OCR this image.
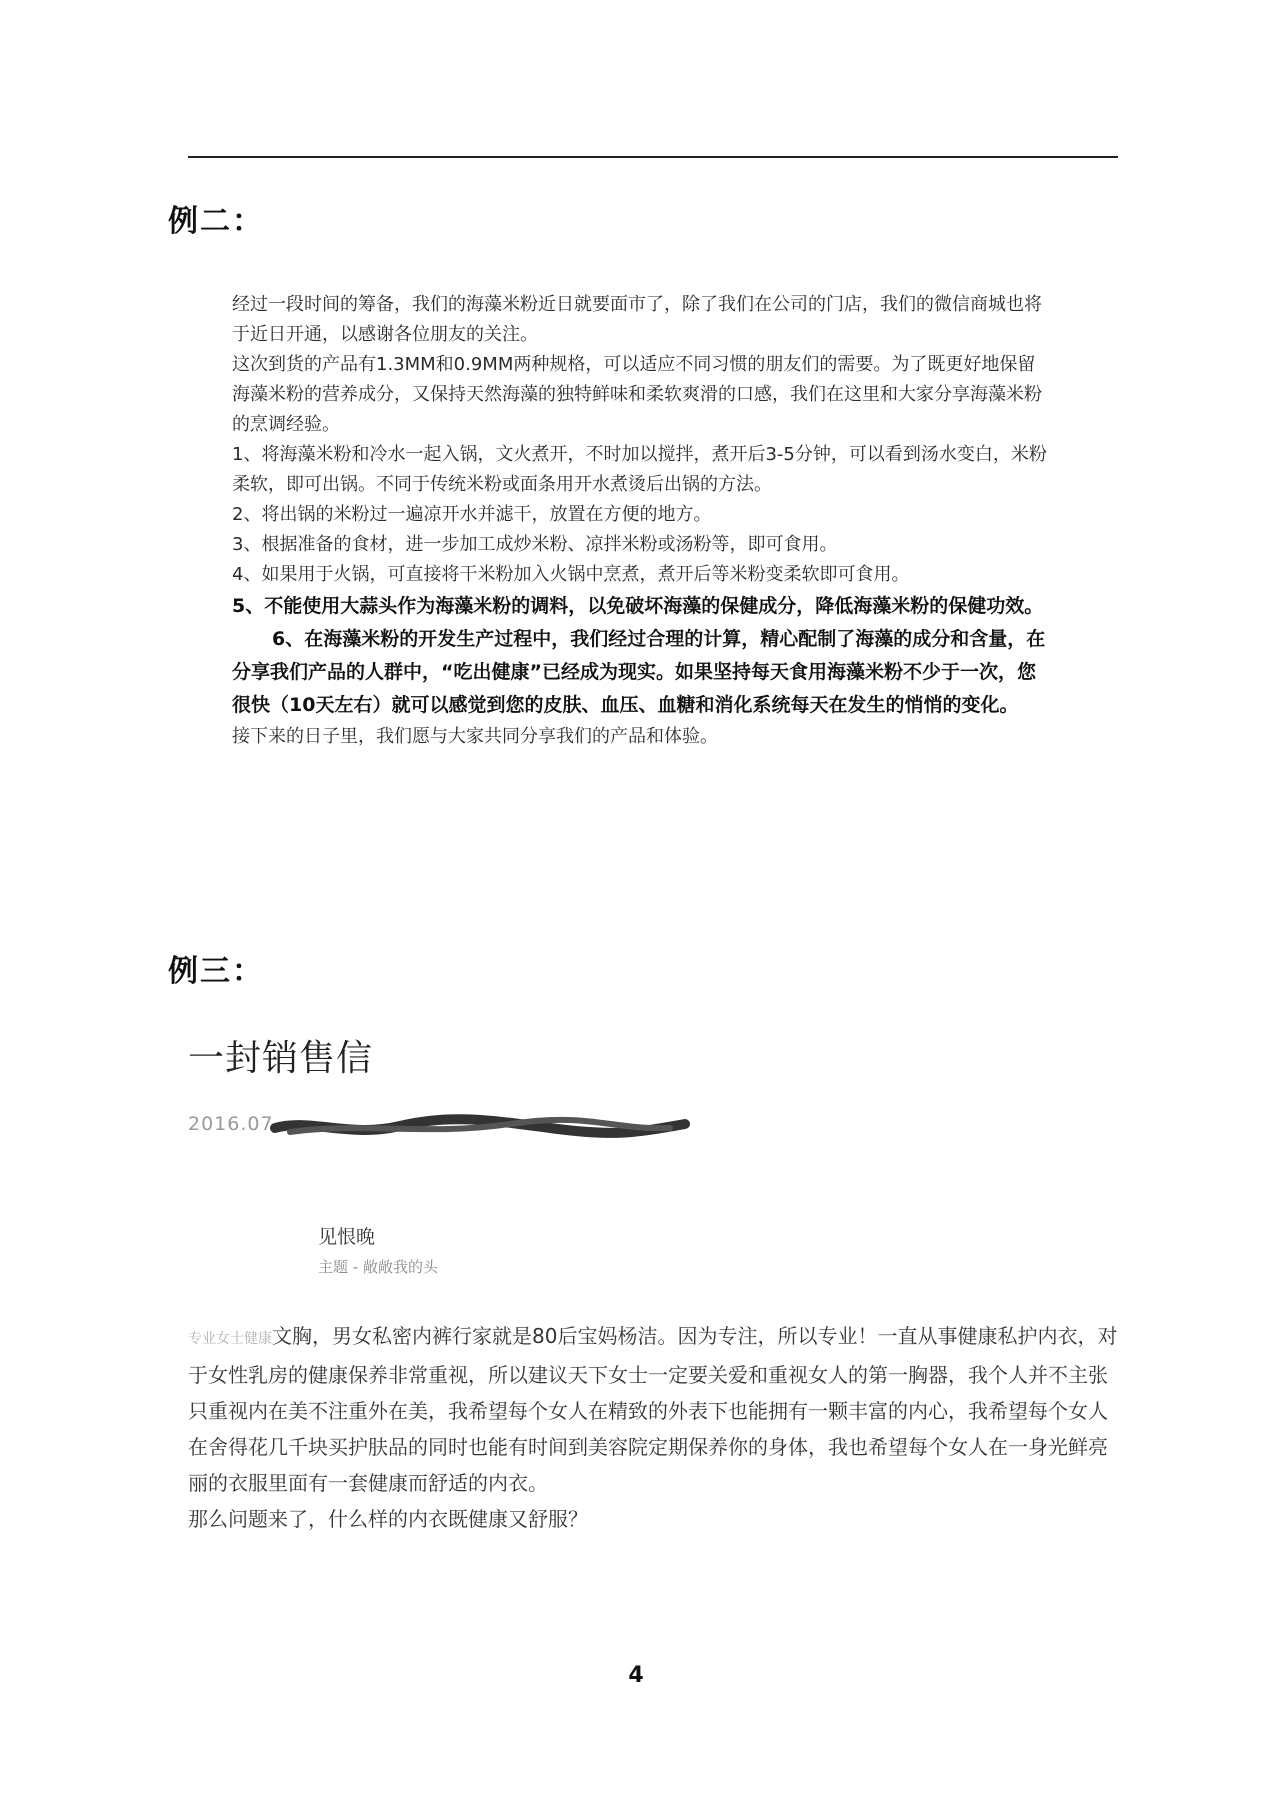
例二：

经过一段时间的筹备，我们的海藻米粉近日就要面市了，除了我们在公司的门店，我们的微信商城也将于近日开通，以感谢各位朋友的关注。

这次到货的产品有1.3MM和0.9MM两种规格，可以适应不同习惯的朋友们的需要。为了既更好地保留海藻米粉的营养成分，又保持天然海藻的独特鲜味和柔软爽滑的口感，我们在这里和大家分享海藻米粉的烹调经验。

1、将海藻米粉和冷水一起入锅，文火煮开，不时加以搅拌，煮开后3-5分钟，可以看到汤水变白，米粉柔软，即可出锅。不同于传统米粉或面条用开水煮烫后出锅的方法。

2、将出锅的米粉过一遍凉开水并滤干，放置在方便的地方。

3、根据准备的食材，进一步加工成炒米粉、凉拌米粉或汤粉等，即可食用。

4、如果用于火锅，可直接将干米粉加入火锅中烹煮，煮开后等米粉变柔软即可食用。

5、不能使用大蒜头作为海藻米粉的调料，以免破坏海藻的保健成分，降低海藻米粉的保健功效。

6、在海藻米粉的开发生产过程中，我们经过合理的计算，精心配制了海藻的成分和含量，在分享我们产品的人群中，“吃出健康”已经成为现实。如果坚持每天食用海藻米粉不少于一次，您很快（10天左右）就可以感觉到您的皮肤、血压、血糖和消化系统每天在发生的悄悄的变化。

接下来的日子里，我们愿与大家共同分享我们的产品和体验。

例三：
一封销售信
2016.07
见恨晚
主题 - 敞敞我的头

专业女士健康文胸，男女私密内裤行家就是80后宝妈杨洁。因为专注，所以专业！一直从事健康私护内衣，对于女性乳房的健康保养非常重视，所以建议天下女士一定要关爱和重视女人的第一胸器，我个人并不主张只重视内在美不注重外在美，我希望每个女人在精致的外表下也能拥有一颗丰富的内心，我希望每个女人在舍得花几千块买护肤品的同时也能有时间到美容院定期保养你的身体，我也希望每个女人在一身光鲜亮丽的衣服里面有一套健康而舒适的内衣。

那么问题来了，什么样的内衣既健康又舒服？

4
